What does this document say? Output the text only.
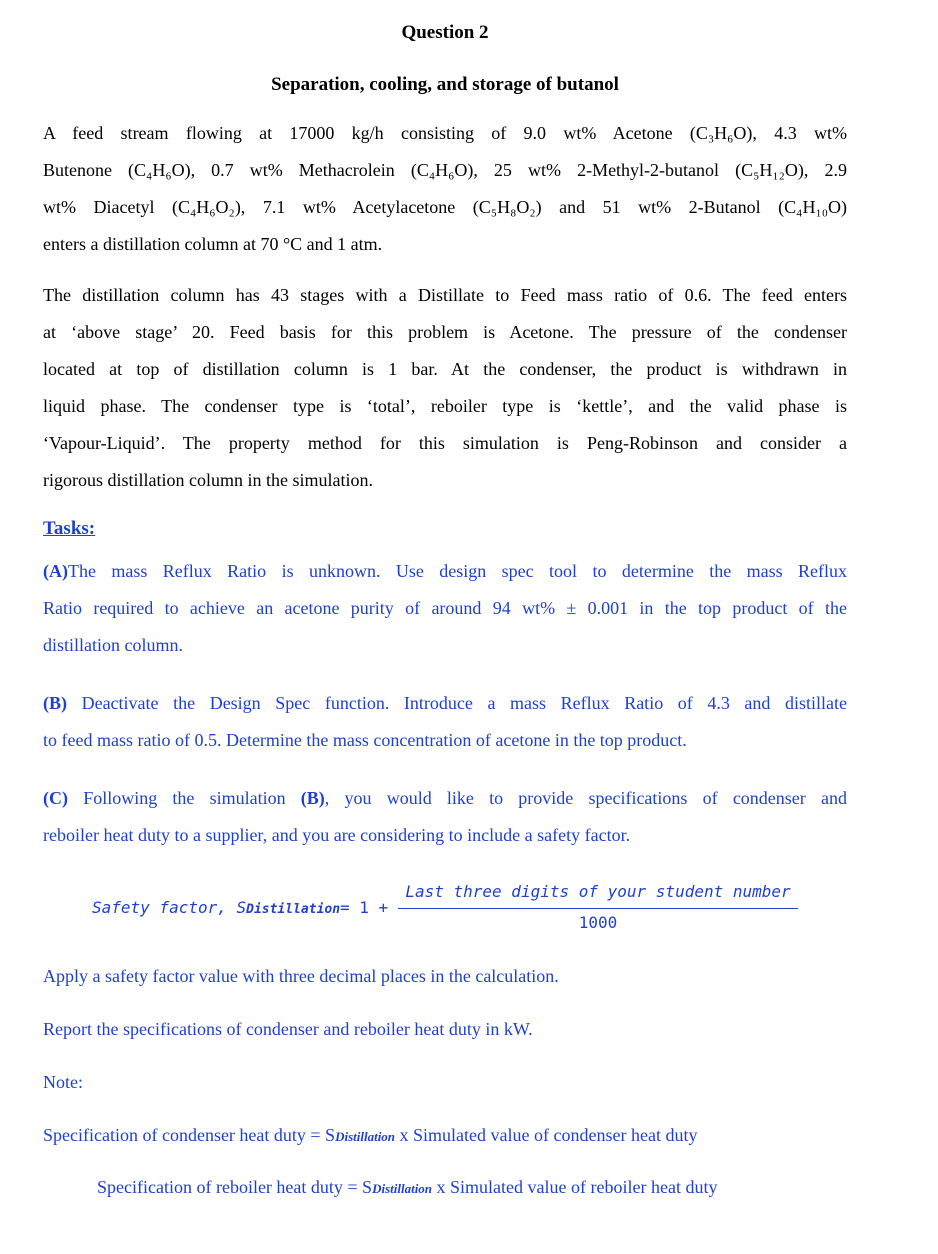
Question 2
Separation, cooling, and storage of butanol
A feed stream flowing at 17000 kg/h consisting of 9.0 wt% Acetone (C₃H₆O), 4.3 wt%
Butenone (C₄H₆O), 0.7 wt% Methacrolein (C₄H₆O), 25 wt% 2-Methyl-2-butanol (C₅H₁₂O), 2.9
wt% Diacetyl (C₄H₆O₂), 7.1 wt% Acetylacetone (C₅H₈O₂) and 51 wt% 2-Butanol (C₄H₁₀O)
enters a distillation column at 70 °C and 1 atm.
The distillation column has 43 stages with a Distillate to Feed mass ratio of 0.6. The feed enters
at ‘above stage’ 20. Feed basis for this problem is Acetone. The pressure of the condenser
located at top of distillation column is 1 bar. At the condenser, the product is withdrawn in
liquid phase. The condenser type is ‘total’, reboiler type is ‘kettle’, and the valid phase is
‘Vapour-Liquid’. The property method for this simulation is Peng-Robinson and consider a
rigorous distillation column in the simulation.
Tasks:
(A)The mass Reflux Ratio is unknown. Use design spec tool to determine the mass Reflux
Ratio required to achieve an acetone purity of around 94 wt% ± 0.001 in the top product of the
distillation column.
(B) Deactivate the Design Spec function. Introduce a mass Reflux Ratio of 4.3 and distillate
to feed mass ratio of 0.5. Determine the mass concentration of acetone in the top product.
(C) Following the simulation (B), you would like to provide specifications of condenser and
reboiler heat duty to a supplier, and you are considering to include a safety factor.
Safety factor, SDistillation = 1 +
Last three digits of your student number
1000
Apply a safety factor value with three decimal places in the calculation.
Report the specifications of condenser and reboiler heat duty in kW.
Note:
Specification of condenser heat duty = SDistillation x Simulated value of condenser heat duty
Specification of reboiler heat duty = SDistillation x Simulated value of reboiler heat duty
